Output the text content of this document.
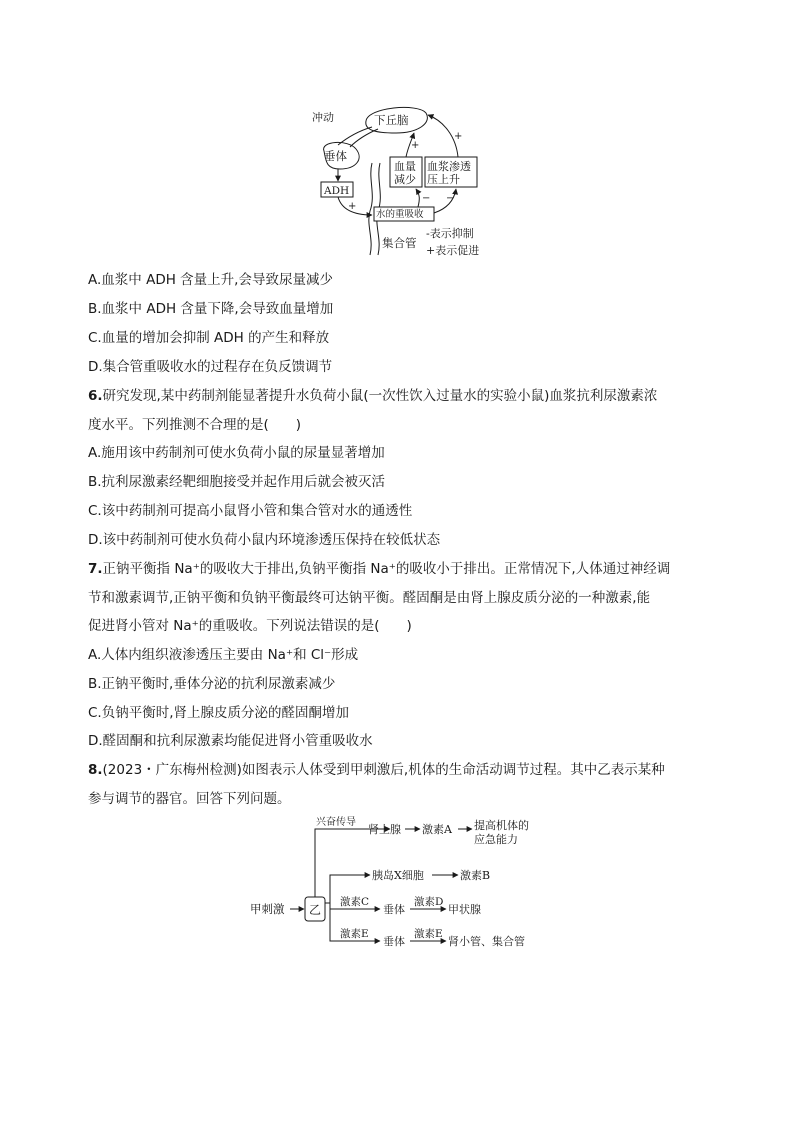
下丘脑
冲动
垂体
ADH
+
水的重吸收
集合管
血量
减少
血浆渗透
压上升
+
+
− −
-表示抑制
+表示促进
A.血浆中 ADH 含量上升,会导致尿量减少
B.血浆中 ADH 含量下降,会导致血量增加
C.血量的增加会抑制 ADH 的产生和释放
D.集合管重吸收水的过程存在负反馈调节
6.研究发现,某中药制剂能显著提升水负荷小鼠(一次性饮入过量水的实验小鼠)血浆抗利尿激素浓
度水平。下列推测不合理的是(　　)
A.施用该中药制剂可使水负荷小鼠的尿量显著增加
B.抗利尿激素经靶细胞接受并起作用后就会被灭活
C.该中药制剂可提高小鼠肾小管和集合管对水的通透性
D.该中药制剂可使水负荷小鼠内环境渗透压保持在较低状态
7.正钠平衡指 Na⁺的吸收大于排出,负钠平衡指 Na⁺的吸收小于排出。正常情况下,人体通过神经调
节和激素调节,正钠平衡和负钠平衡最终可达钠平衡。醛固酮是由肾上腺皮质分泌的一种激素,能
促进肾小管对 Na⁺的重吸收。下列说法错误的是(　　)
A.人体内组织液渗透压主要由 Na⁺和 Cl⁻形成
B.正钠平衡时,垂体分泌的抗利尿激素减少
C.负钠平衡时,肾上腺皮质分泌的醛固酮增加
D.醛固酮和抗利尿激素均能促进肾小管重吸收水
8.(2023・广东梅州检测)如图表示人体受到甲刺激后,机体的生命活动调节过程。其中乙表示某种
参与调节的器官。回答下列问题。
甲刺激 乙
兴奋传导
肾上腺 激素A 提高机体的
应急能力
胰岛X细胞	激素B
激素C
垂体
激素D
甲状腺
激素E
垂体
激素E
肾小管、集合管
